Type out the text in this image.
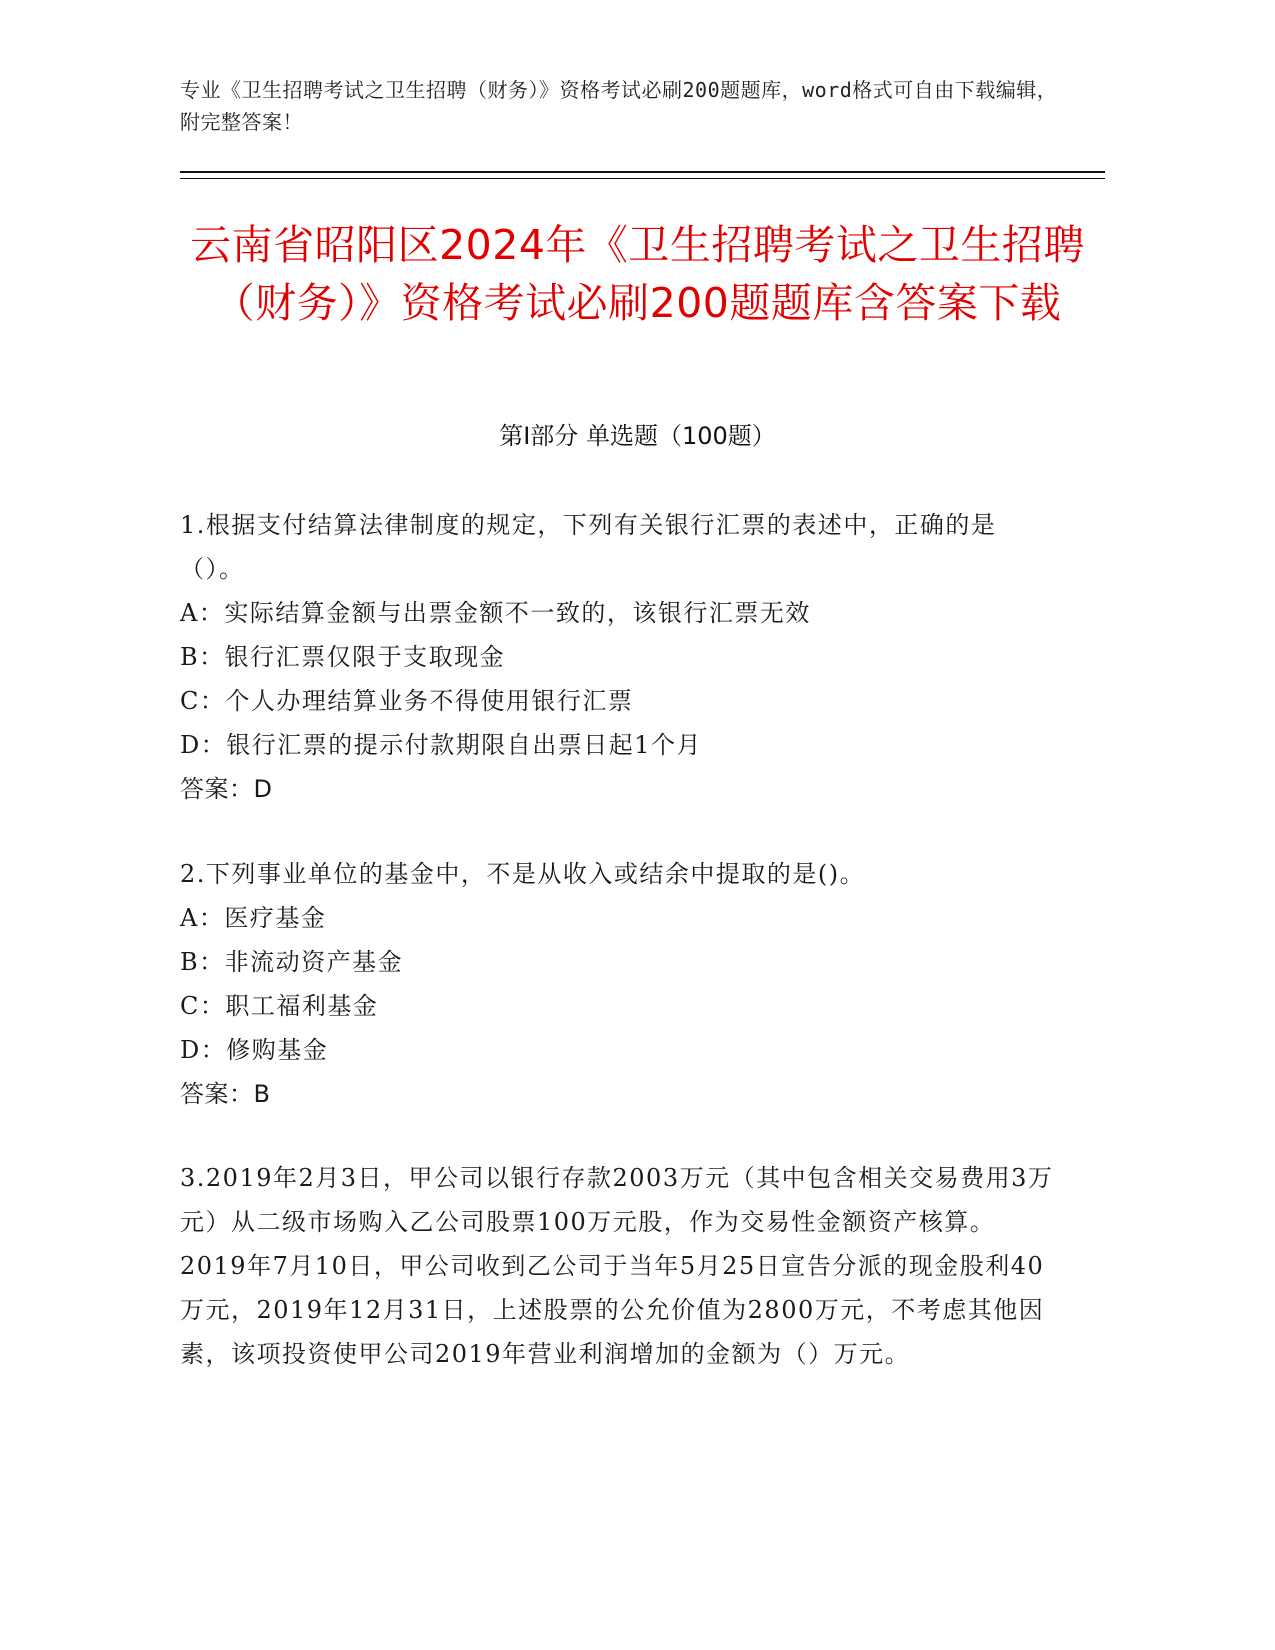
专业《卫生招聘考试之卫生招聘（财务）》资格考试必刷200题题库，word格式可自由下载编辑，附完整答案！
云南省昭阳区2024年《卫生招聘考试之卫生招聘（财务）》资格考试必刷200题题库含答案下载
第Ⅰ部分 单选题（100题）

1.根据支付结算法律制度的规定，下列有关银行汇票的表述中，正确的是（）。

A：实际结算金额与出票金额不一致的，该银行汇票无效

B：银行汇票仅限于支取现金

C：个人办理结算业务不得使用银行汇票

D：银行汇票的提示付款期限自出票日起1个月

答案：D

2.下列事业单位的基金中，不是从收入或结余中提取的是()。

A：医疗基金

B：非流动资产基金

C：职工福利基金

D：修购基金

答案：B

3.2019年2月3日，甲公司以银行存款2003万元（其中包含相关交易费用3万元）从二级市场购入乙公司股票100万元股，作为交易性金额资产核算。2019年7月10日，甲公司收到乙公司于当年5月25日宣告分派的现金股利40万元，2019年12月31日，上述股票的公允价值为2800万元，不考虑其他因素，该项投资使甲公司2019年营业利润增加的金额为（）万元。
